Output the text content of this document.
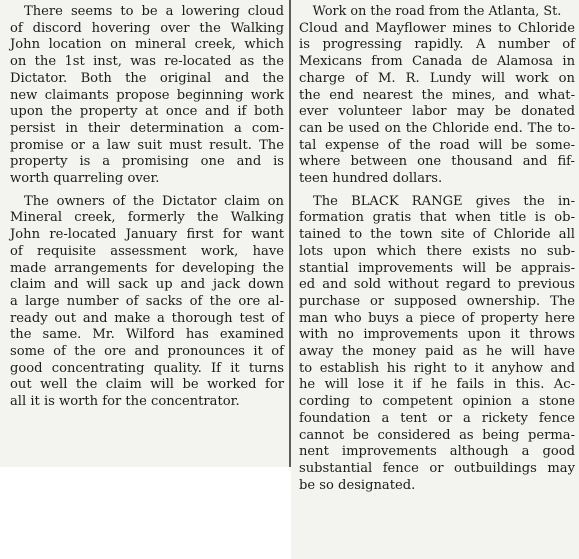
There seems to be a lowering cloud
of discord hovering over the Walking
John location on mineral creek, which
on the 1st inst, was re-located as the
Dictator. Both the original and the
new claimants propose beginning work
upon the property at once and if both
persist in their determination a com-
promise or a law suit must result. The
property is a promising one and is
worth quarreling over.
The owners of the Dictator claim on
Mineral creek, formerly the Walking
John re-located January first for want
of requisite assessment work, have
made arrangements for developing the
claim and will sack up and jack down
a large number of sacks of the ore al-
ready out and make a thorough test of
the same. Mr. Wilford has examined
some of the ore and pronounces it of
good concentrating quality. If it turns
out well the claim will be worked for
all it is worth for the concentrator.
Work on the road from the Atlanta, St.
Cloud and Mayflower mines to Chloride
is progressing rapidly. A number of
Mexicans from Canada de Alamosa in
charge of M. R. Lundy will work on
the end nearest the mines, and what-
ever volunteer labor may be donated
can be used on the Chloride end. The to-
tal expense of the road will be some-
where between one thousand and fif-
teen hundred dollars.
The BLACK RANGE gives the in-
formation gratis that when title is ob-
tained to the town site of Chloride all
lots upon which there exists no sub-
stantial improvements will be apprais-
ed and sold without regard to previous
purchase or supposed ownership. The
man who buys a piece of property here
with no improvements upon it throws
away the money paid as he will have
to establish his right to it anyhow and
he will lose it if he fails in this. Ac-
cording to competent opinion a stone
foundation a tent or a rickety fence
cannot be considered as being perma-
nent improvements although a good
substantial fence or outbuildings may
be so designated.
